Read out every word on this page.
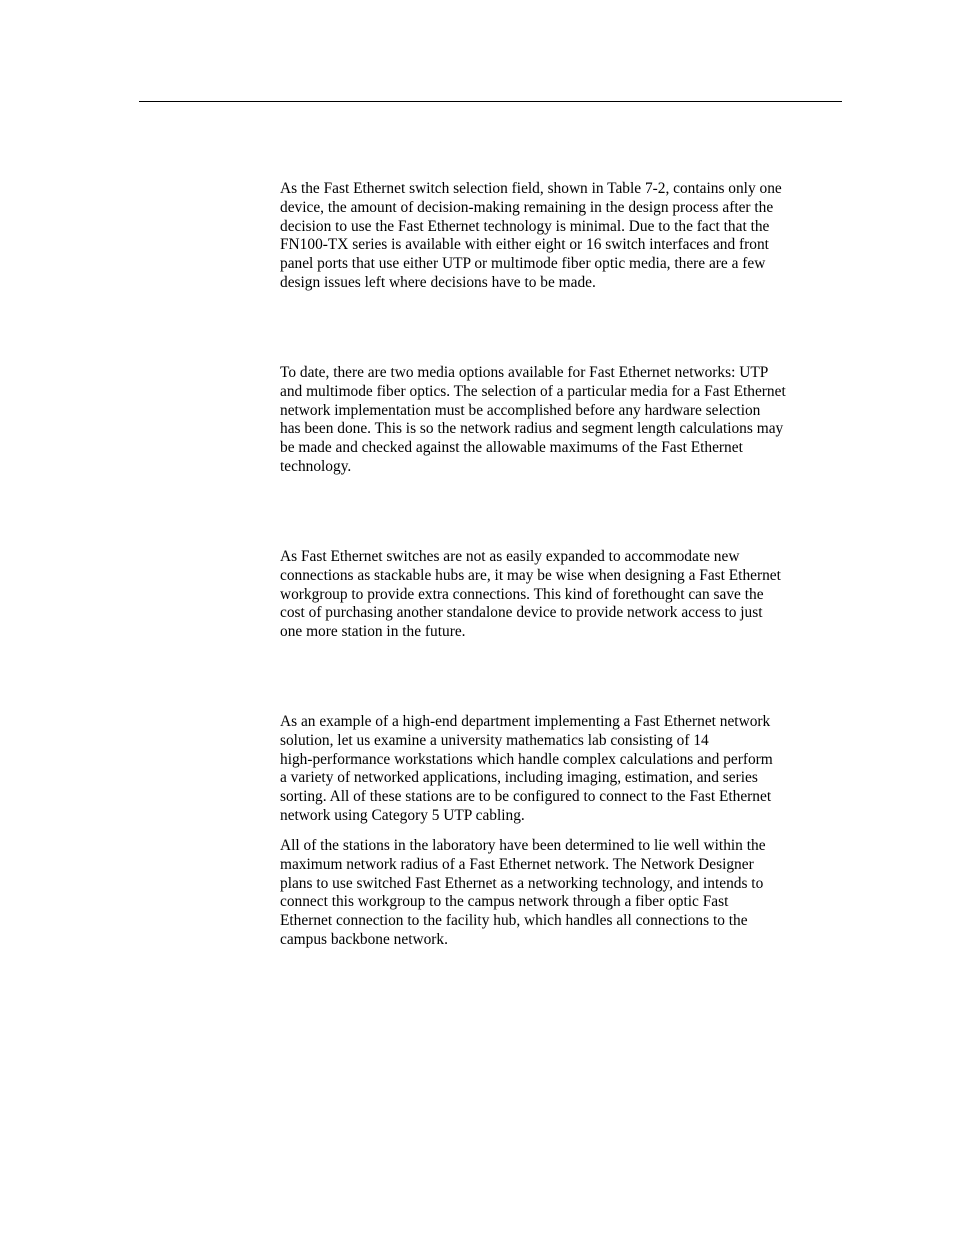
As the Fast Ethernet switch selection field, shown in Table 7-2, contains only one
device, the amount of decision-making remaining in the design process after the
decision to use the Fast Ethernet technology is minimal. Due to the fact that the
FN100-TX series is available with either eight or 16 switch interfaces and front
panel ports that use either UTP or multimode fiber optic media, there are a few
design issues left where decisions have to be made.

To date, there are two media options available for Fast Ethernet networks: UTP
and multimode fiber optics. The selection of a particular media for a Fast Ethernet
network implementation must be accomplished before any hardware selection
has been done. This is so the network radius and segment length calculations may
be made and checked against the allowable maximums of the Fast Ethernet
technology.

As Fast Ethernet switches are not as easily expanded to accommodate new
connections as stackable hubs are, it may be wise when designing a Fast Ethernet
workgroup to provide extra connections. This kind of forethought can save the
cost of purchasing another standalone device to provide network access to just
one more station in the future.

As an example of a high-end department implementing a Fast Ethernet network
solution, let us examine a university mathematics lab consisting of 14
high-performance workstations which handle complex calculations and perform
a variety of networked applications, including imaging, estimation, and series
sorting. All of these stations are to be configured to connect to the Fast Ethernet
network using Category 5 UTP cabling.

All of the stations in the laboratory have been determined to lie well within the
maximum network radius of a Fast Ethernet network. The Network Designer
plans to use switched Fast Ethernet as a networking technology, and intends to
connect this workgroup to the campus network through a fiber optic Fast
Ethernet connection to the facility hub, which handles all connections to the
campus backbone network.
